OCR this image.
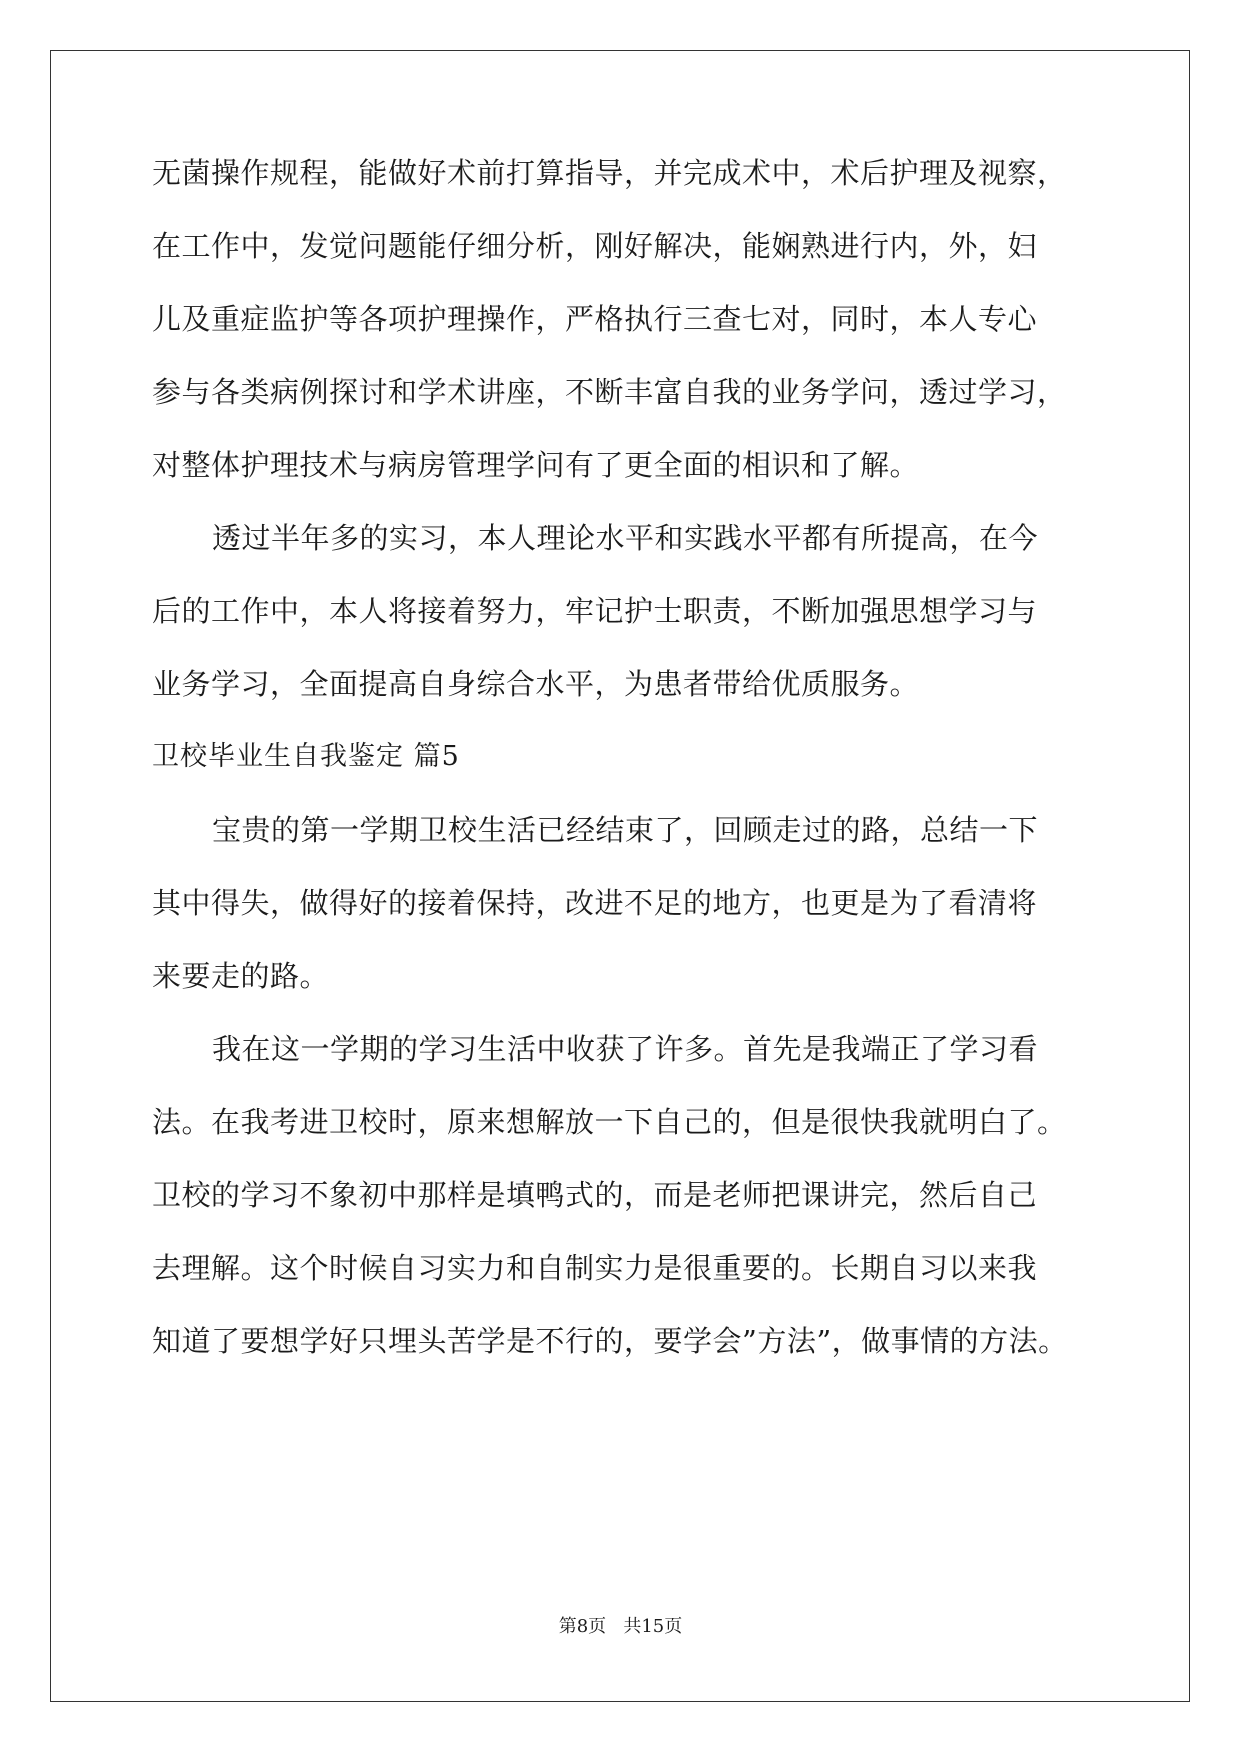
无菌操作规程，能做好术前打算指导，并完成术中，术后护理及视察，
在工作中，发觉问题能仔细分析，刚好解决，能娴熟进行内，外，妇
儿及重症监护等各项护理操作，严格执行三查七对，同时，本人专心
参与各类病例探讨和学术讲座，不断丰富自我的业务学问，透过学习，
对整体护理技术与病房管理学问有了更全面的相识和了解。
透过半年多的实习，本人理论水平和实践水平都有所提高，在今
后的工作中，本人将接着努力，牢记护士职责，不断加强思想学习与
业务学习，全面提高自身综合水平，为患者带给优质服务。
卫校毕业生自我鉴定 篇5
宝贵的第一学期卫校生活已经结束了，回顾走过的路，总结一下
其中得失，做得好的接着保持，改进不足的地方，也更是为了看清将
来要走的路。
我在这一学期的学习生活中收获了许多。首先是我端正了学习看
法。在我考进卫校时，原来想解放一下自己的，但是很快我就明白了。
卫校的学习不象初中那样是填鸭式的，而是老师把课讲完，然后自己
去理解。这个时候自习实力和自制实力是很重要的。长期自习以来我
知道了要想学好只埋头苦学是不行的，要学会”方法”，做事情的方法。
第8页   共15页
